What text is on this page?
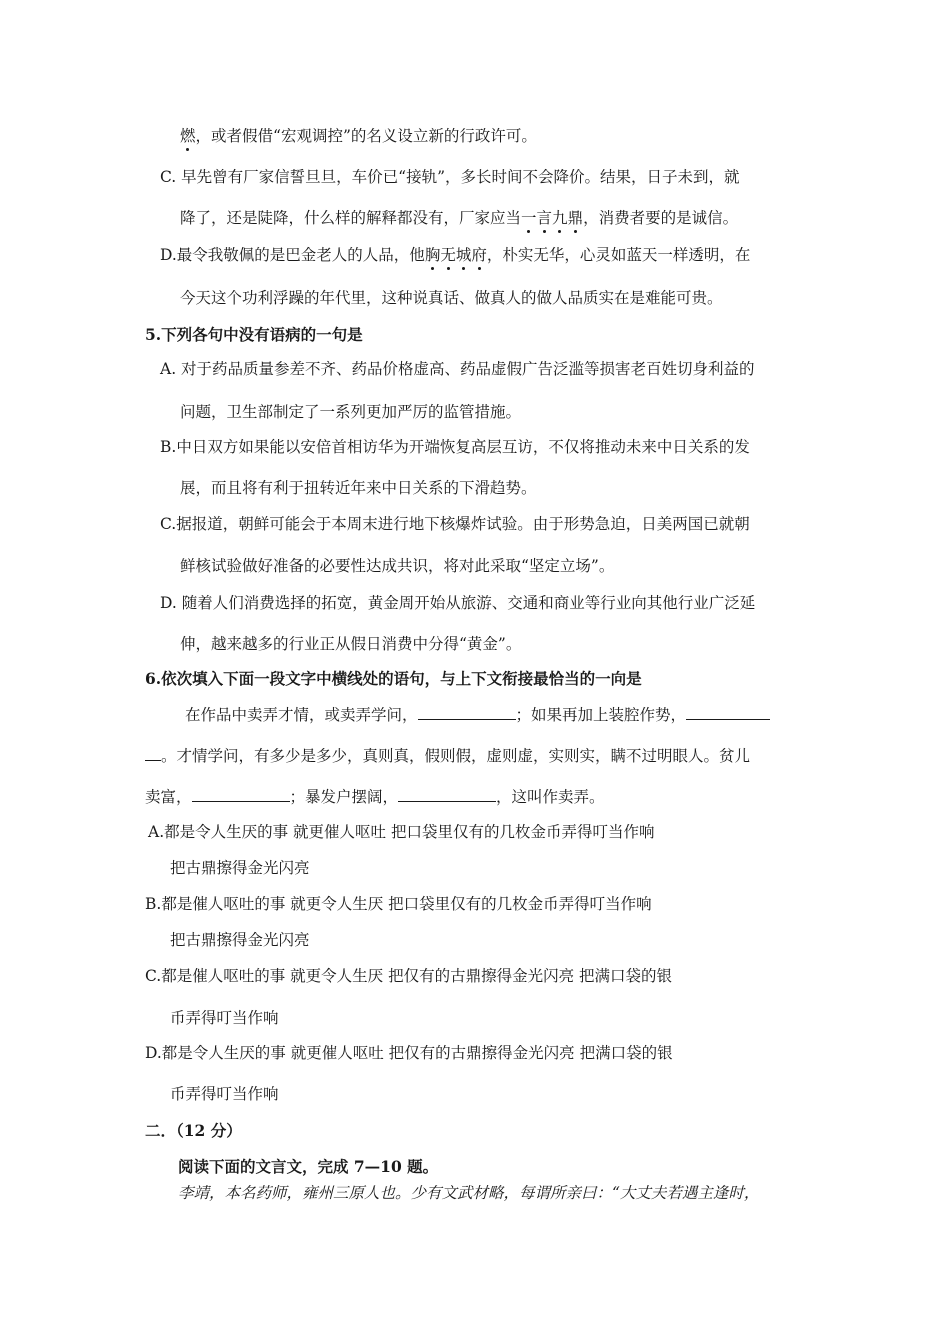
燃，或者假借“宏观调控”的名义设立新的行政许可。
C. 早先曾有厂家信誓旦旦，车价已“接轨”，多长时间不会降价。结果，日子未到，就
降了，还是陡降，什么样的解释都没有，厂家应当一言九鼎，消费者要的是诚信。
D.最令我敬佩的是巴金老人的人品，他胸无城府，朴实无华，心灵如蓝天一样透明，在
今天这个功利浮躁的年代里，这种说真话、做真人的做人品质实在是难能可贵。
5.下列各句中没有语病的一句是
A. 对于药品质量参差不齐、药品价格虚高、药品虚假广告泛滥等损害老百姓切身利益的
问题，卫生部制定了一系列更加严厉的监管措施。
B.中日双方如果能以安倍首相访华为开端恢复高层互访，不仅将推动未来中日关系的发
展，而且将有利于扭转近年来中日关系的下滑趋势。
C.据报道，朝鲜可能会于本周末进行地下核爆炸试验。由于形势急迫，日美两国已就朝
鲜核试验做好准备的必要性达成共识，将对此采取“坚定立场”。
D. 随着人们消费选择的拓宽，黄金周开始从旅游、交通和商业等行业向其他行业广泛延
伸，越来越多的行业正从假日消费中分得“黄金”。
6.依次填入下面一段文字中横线处的语句，与上下文衔接最恰当的一向是
在作品中卖弄才情，或卖弄学问，	；如果再加上装腔作势，
。才情学问，有多少是多少，真则真，假则假，虚则虚，实则实，瞒不过明眼人。贫儿
卖富，	；暴发户摆阔，	，这叫作卖弄。
A.都是令人生厌的事 就更催人呕吐 把口袋里仅有的几枚金币弄得叮当作响
把古鼎擦得金光闪亮
B.都是催人呕吐的事 就更令人生厌 把口袋里仅有的几枚金币弄得叮当作响
把古鼎擦得金光闪亮
C.都是催人呕吐的事 就更令人生厌 把仅有的古鼎擦得金光闪亮 把满口袋的银
币弄得叮当作响
D.都是令人生厌的事 就更催人呕吐 把仅有的古鼎擦得金光闪亮 把满口袋的银
币弄得叮当作响
二．（12 分）
阅读下面的文言文，完成 7—10 题。
李靖，本名药师，雍州三原人也。少有文武材略，每谓所亲曰：“大丈夫若遇主逢时，
